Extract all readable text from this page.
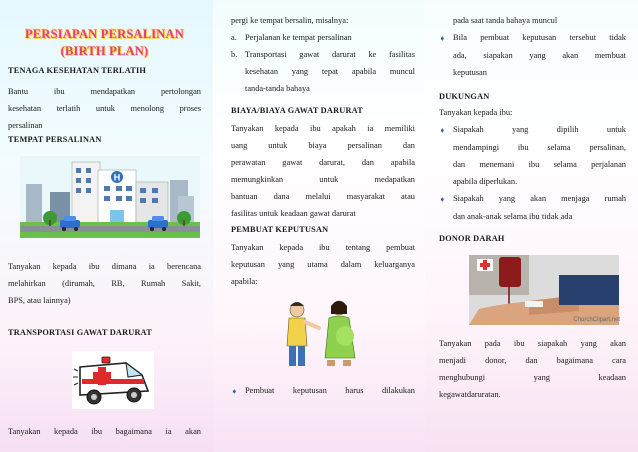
PERSIAPAN PERSALINAN
(BIRTH PLAN)
TENAGA KESEHATAN TERLATIH
Bantu ibu mendapatkan pertolongan
kesehatan terlatih untuk menolong proses
persalinan
TEMPAT PERSALINAN
H
Tanyakan kepada ibu dimana ia berencana
melahirkan (dirumah, RB, Rumah Sakit,
BPS, atau lainnya)
TRANSPORTASI GAWAT DARURAT
Tanyakan kepada ibu bagaimana ia akan
pergi ke tempat bersalin, misalnya:
a. Perjalanan ke tempat persalinan
b. Transportasi gawat darurat ke fasilitas
kesehatan yang tepat apabila muncul
tanda-tanda bahaya
BIAYA/BIAYA GAWAT DARURAT
Tanyakan kepada ibu apakah ia memiliki
uang untuk biaya persalinan dan
perawatan gawat darurat, dan apabila
memungkinkan untuk medapatkan
bantuan dana melalui masyarakat atau
fasilitas untuk keadaan gawat darurat
PEMBUAT KEPUTUSAN
Tanyakan kepada ibu tentang pembuat
keputusan yang utama dalam keluarganya
apabila:
➧ Pembuat keputusan harus dilakukan
pada saat tanda bahaya muncul
➧ Bila pembuat keputusan tersebut tidak
ada, siapakan yang akan membuat
keputusan
DUKUNGAN
Tanyakan kepada ibu:
➧ Siapakah yang dipilih untuk
mendampingi ibu selama persalinan,
dan menemani ibu selama perjalanan
apabila diperlukan.
➧ Siapakah yang akan menjaga rumah
dan anak-anak selama ibu tidak ada
DONOR DARAH
ChurchClipart.net
Tanyakan pada ibu siapakah yang akan
menjadi donor, dan bagaimana cara
menghubungi yang keadaan
kegawatdaruratan.
